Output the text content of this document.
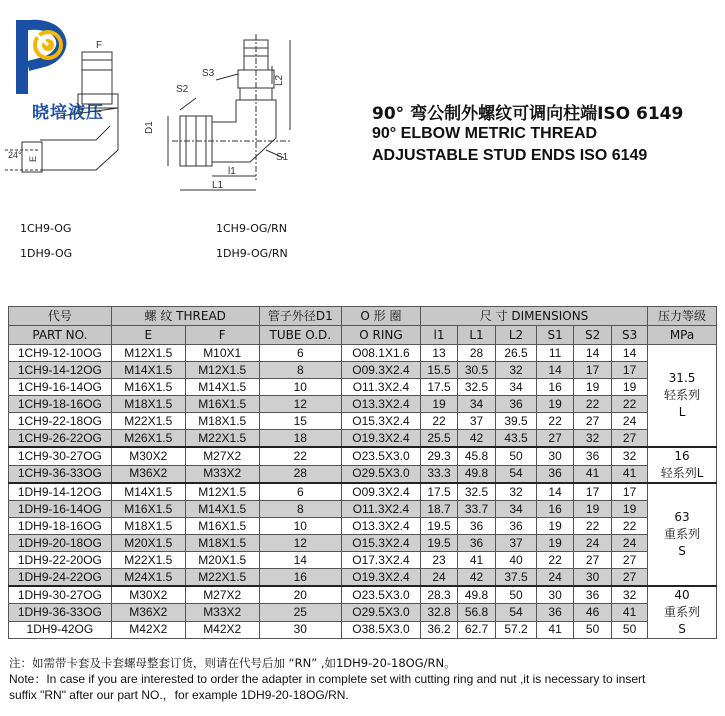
晓培液压
F
S2
S3
L2
D1
E
24°
l1
L1
S1
90° 弯公制外螺纹可调向柱端ISO 6149
90° ELBOW METRIC THREAD
ADJUSTABLE STUD ENDS ISO 6149
1CH9-OG	1CH9-OG/RN
1DH9-OG	1DH9-OG/RN
代号	螺 纹 THREAD		管子外径D1	O 形 圈	尺 寸 DIMENSIONS						压力等级
PART NO.	E	F	TUBE O.D.	O RING	l1	L1	L2	S1	S2	S3	MPa
1CH9-12-10OG	M12X1.5	M10X1	6	O08.1X1.6	13	28	26.5	11	14	14	31.5
轻系列
L

1CH9-14-12OG	M14X1.5	M12X1.5	8	O09.3X2.4	15.5	30.5	32	14	17	17	
1CH9-16-14OG	M16X1.5	M14X1.5	10	O11.3X2.4	17.5	32.5	34	16	19	19	
1CH9-18-16OG	M18X1.5	M16X1.5	12	O13.3X2.4	19	34	36	19	22	22	
1CH9-22-18OG	M22X1.5	M18X1.5	15	O15.3X2.4	22	37	39.5	22	27	24	
1CH9-26-22OG	M26X1.5	M22X1.5	18	O19.3X2.4	25.5	42	43.5	27	32	27	
1CH9-30-27OG	M30X2	M27X2	22	O23.5X3.0	29.3	45.8	50	30	36	32	16
轻系列L

1CH9-36-33OG	M36X2	M33X2	28	O29.5X3.0	33.3	49.8	54	36	41	41	
1DH9-14-12OG	M14X1.5	M12X1.5	6	O09.3X2.4	17.5	32.5	32	14	17	17	63
重系列
S

1DH9-16-14OG	M16X1.5	M14X1.5	8	O11.3X2.4	18.7	33.7	34	16	19	19	
1DH9-18-16OG	M18X1.5	M16X1.5	10	O13.3X2.4	19.5	36	36	19	22	22	
1DH9-20-18OG	M20X1.5	M18X1.5	12	O15.3X2.4	19.5	36	37	19	24	24	
1DH9-22-20OG	M22X1.5	M20X1.5	14	O17.3X2.4	23	41	40	22	27	27	
1DH9-24-22OG	M24X1.5	M22X1.5	16	O19.3X2.4	24	42	37.5	24	30	27	
1DH9-30-27OG	M30X2	M27X2	20	O23.5X3.0	28.3	49.8	50	30	36	32	40
重系列
S

1DH9-36-33OG	M36X2	M33X2	25	O29.5X3.0	32.8	56.8	54	36	46	41	
1DH9-42OG	M42X2	M42X2	30	O38.5X3.0	36.2	62.7	57.2	41	50	50	
注：如需带卡套及卡套螺母整套订货，则请在代号后加 “RN” ,如1DH9-20-18OG/RN。
Note：In case if you are interested to order the adapter in complete set with cutting ring and nut ,it is necessary to insert
suffix "RN" after our part NO.，for example 1DH9-20-18OG/RN.
